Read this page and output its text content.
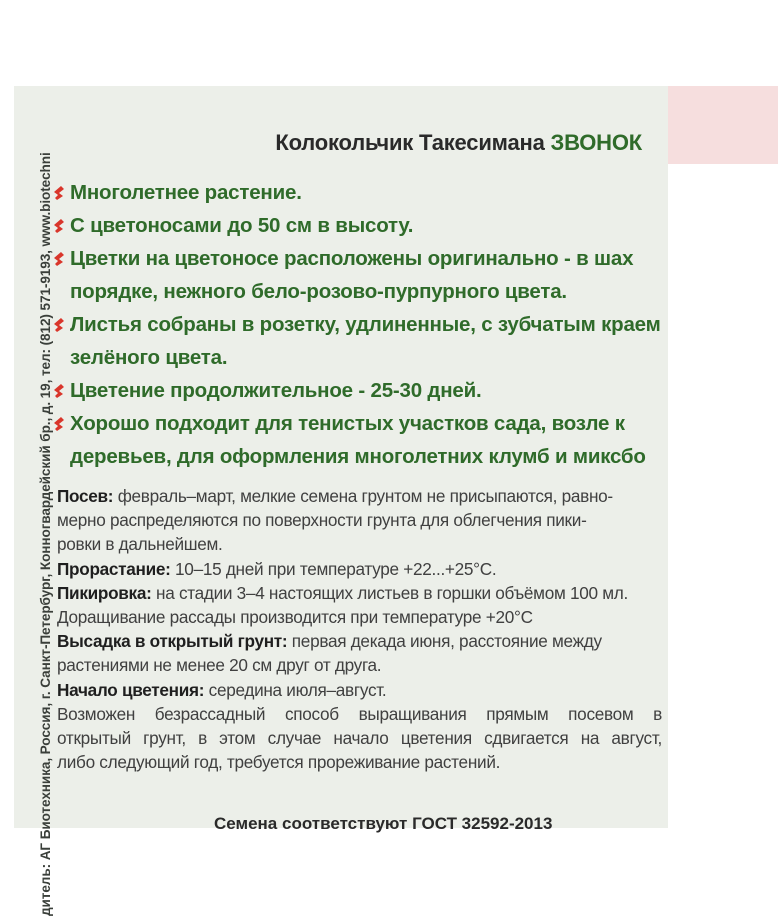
Колокольчик Такесимана ЗВОНОК
Многолетнее растение.
С цветоносами до 50 см в высоту.
Цветки на цветоносе расположены оригинально - в шах
порядке, нежного бело-розово-пурпурного цвета.
Листья собраны в розетку, удлиненные, с зубчатым краем
зелёного цвета.
Цветение продолжительное - 25-30 дней.
Хорошо подходит для тенистых участков сада, возле к
деревьев, для оформления многолетних клумб и миксбо

Посев: февраль–март, мелкие семена грунтом не присыпаются, равно-
мерно распределяются по поверхности грунта для облегчения пики-
ровки в дальнейшем.

Прорастание: 10–15 дней при температуре +22...+25°C.

Пикировка: на стадии 3–4 настоящих листьев в горшки объёмом 100 мл.
Доращивание рассады производится при температуре +20°C

Высадка в открытый грунт: первая декада июня, расстояние между
растениями не менее 20 см друг от друга.

Начало цветения: середина июля–август.

Возможен безрассадный способ выращивания прямым посевом в
открытый грунт, в этом случае начало цветения сдвигается на август,
либо следующий год, требуется прореживание растений.

Семена соответствуют ГОСТ 32592-2013
дитель: АГ Биотехника, Россия, г. Санкт-Петербург, Конногвардейский бр., д. 19, тел: (812) 571-9193, www.biotechni
